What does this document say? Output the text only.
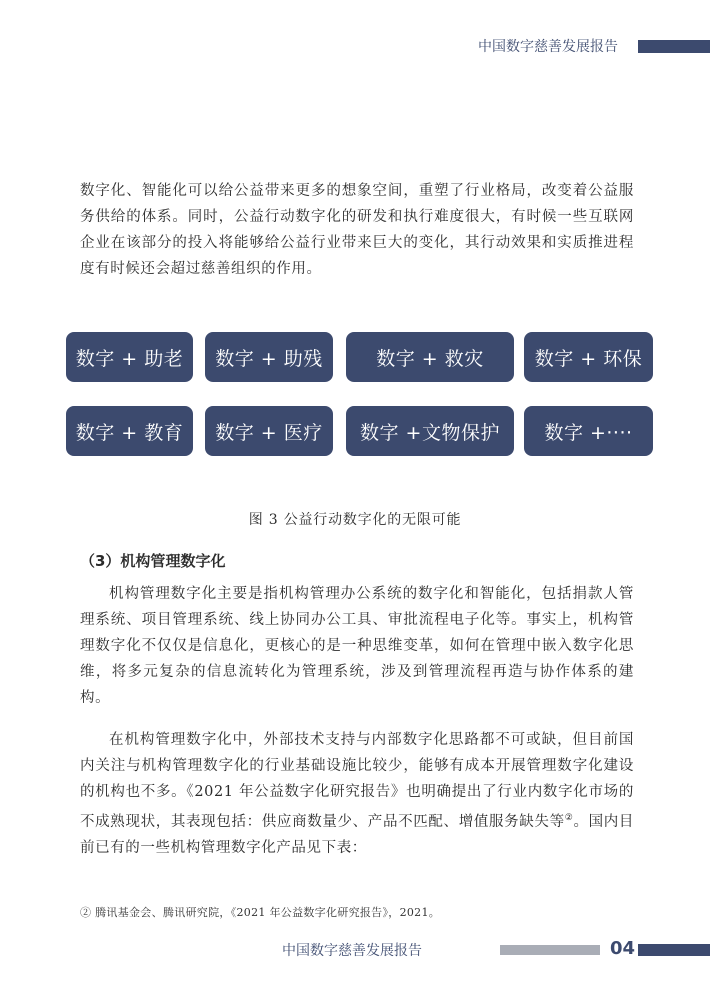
中国数字慈善发展报告

数字化、智能化可以给公益带来更多的想象空间，重塑了行业格局，改变着公益服务供给的体系。同时，公益行动数字化的研发和执行难度很大，有时候一些互联网企业在该部分的投入将能够给公益行业带来巨大的变化，其行动效果和实质推进程度有时候还会超过慈善组织的作用。

数字 + 助老	数字 + 助残	数字 + 救灾	数字 + 环保
数字 + 教育	数字 + 医疗	数字 +文物保护	数字 +····
图 3 公益行动数字化的无限可能
（3）机构管理数字化

机构管理数字化主要是指机构管理办公系统的数字化和智能化，包括捐款人管理系统、项目管理系统、线上协同办公工具、审批流程电子化等。事实上，机构管理数字化不仅仅是信息化，更核心的是一种思维变革，如何在管理中嵌入数字化思维，将多元复杂的信息流转化为管理系统，涉及到管理流程再造与协作体系的建构。

在机构管理数字化中，外部技术支持与内部数字化思路都不可或缺，但目前国内关注与机构管理数字化的行业基础设施比较少，能够有成本开展管理数字化建设的机构也不多。《2021 年公益数字化研究报告》也明确提出了行业内数字化市场的不成熟现状，其表现包括：供应商数量少、产品不匹配、增值服务缺失等②。国内目前已有的一些机构管理数字化产品见下表：

② 腾讯基金会、腾讯研究院，《2021 年公益数字化研究报告》，2021。
中国数字慈善发展报告	04
